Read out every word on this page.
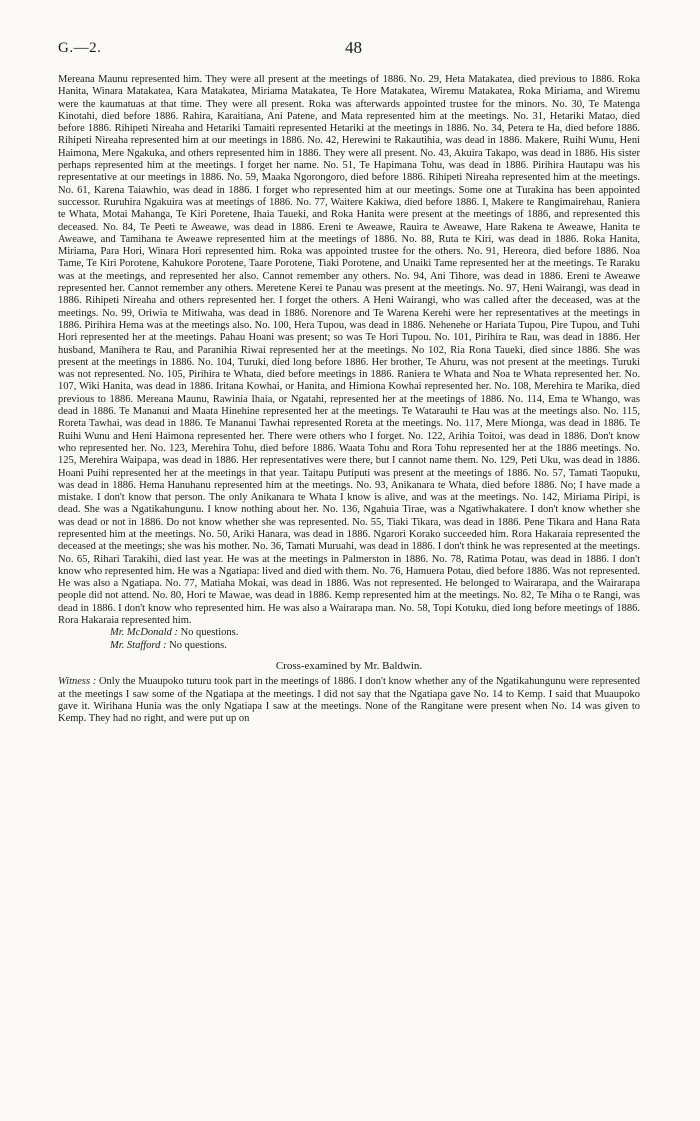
G.—2.	48

Mereana Maunu represented him. They were all present at the meetings of 1886. No. 29, Heta Matakatea, died previous to 1886. Roka Hanita, Winara Matakatea, Kara Matakatea, Miriama Matakatea, Te Hore Matakatea, Wiremu Matakatea, Roka Miriama, and Wiremu were the kaumatuas at that time. They were all present. Roka was afterwards appointed trustee for the minors. No. 30, Te Matenga Kinotahi, died before 1886. Rahira, Karaitiana, Ani Patene, and Mata represented him at the meetings. No. 31, Hetariki Matao, died before 1886. Rihipeti Nireaha and Hetariki Tamaiti represented Hetariki at the meetings in 1886. No. 34, Petera te Ha, died before 1886. Rihipeti Nireaha represented him at our meetings in 1886. No. 42, Herewini te Rakautihia, was dead in 1886. Makere, Ruihi Wunu, Heni Haimona, Mere Ngakuka, and others represented him in 1886. They were all present. No. 43, Akuira Takapo, was dead in 1886. His sister perhaps represented him at the meetings. I forget her name. No. 51, Te Hapimana Tohu, was dead in 1886. Pirihira Hautapu was his representative at our meetings in 1886. No. 59, Maaka Ngorongoro, died before 1886. Rihipeti Nireaha represented him at the meetings. No. 61, Karena Taiawhio, was dead in 1886. I forget who represented him at our meetings. Some one at Turakina has been appointed successor. Ruruhira Ngakuira was at meetings of 1886. No. 77, Waitere Kakiwa, died before 1886. I, Makere te Rangimairehau, Raniera te Whata, Motai Mahanga, Te Kiri Poretene, Ihaia Taueki, and Roka Hanita were present at the meetings of 1886, and represented this deceased. No. 84, Te Peeti te Aweawe, was dead in 1886. Ereni te Aweawe, Rauira te Aweawe, Hare Rakena te Aweawe, Hanita te Aweawe, and Tamihana te Aweawe represented him at the meetings of 1886. No. 88, Ruta te Kiri, was dead in 1886. Roka Hanita, Miriama, Para Hori, Winara Hori represented him. Roka was appointed trustee for the others. No. 91, Hereora, died before 1886. Noa Tame, Te Kiri Porotene, Kahukore Porotene, Taare Porotene, Tiaki Porotene, and Unaiki Tame represented her at the meetings. Te Raraku was at the meetings, and represented her also. Cannot remember any others. No. 94, Ani Tihore, was dead in 1886. Ereni te Aweawe represented her. Cannot remember any others. Meretene Kerei te Panau was present at the meetings. No. 97, Heni Wairangi, was dead in 1886. Rihipeti Nireaha and others represented her. I forget the others. A Heni Wairangi, who was called after the deceased, was at the meetings. No. 99, Oriwia te Mitiwaha, was dead in 1886. Norenore and Te Warena Kerehi were her representatives at the meetings in 1886. Pirihira Hema was at the meetings also. No. 100, Hera Tupou, was dead in 1886. Nehenehe or Hariata Tupou, Pire Tupou, and Tuhi Hori represented her at the meetings. Pahau Hoani was present; so was Te Hori Tupou. No. 101, Pirihira te Rau, was dead in 1886. Her husband, Manihera te Rau, and Paranihia Riwai represented her at the meetings. No 102, Ria Rona Taueki, died since 1886. She was present at the meetings in 1886. No. 104, Turuki, died long before 1886. Her brother, Te Ahuru, was not present at the meetings. Turuki was not represented. No. 105, Pirihira te Whata, died before meetings in 1886. Raniera te Whata and Noa te Whata represented her. No. 107, Wiki Hanita, was dead in 1886. Iritana Kowhai, or Hanita, and Himiona Kowhai represented her. No. 108, Merehira te Marika, died previous to 1886. Mereana Maunu, Rawinia Ihaia, or Ngatahi, represented her at the meetings of 1886. No. 114, Ema te Whango, was dead in 1886. Te Mananui and Maata Hinehine represented her at the meetings. Te Watarauhi te Hau was at the meetings also. No. 115, Roreta Tawhai, was dead in 1886. Te Mananui Tawhai represented Roreta at the meetings. No. 117, Mere Mionga, was dead in 1886. Te Ruihi Wunu and Heni Haimona represented her. There were others who I forget. No. 122, Arihia Toitoi, was dead in 1886. Don't know who represented her. No. 123, Merehira Tohu, died before 1886. Waata Tohu and Rora Tohu represented her at the 1886 meetings. No. 125, Merehira Waipapa, was dead in 1886. Her representatives were there, but I cannot name them. No. 129, Peti Uku, was dead in 1886. Hoani Puihi represented her at the meetings in that year. Taitapu Putiputi was present at the meetings of 1886. No. 57, Tamati Taopuku, was dead in 1886. Hema Hanuhanu represented him at the meetings. No. 93, Anikanara te Whata, died before 1886. No; I have made a mistake. I don't know that person. The only Anikanara te Whata I know is alive, and was at the meetings. No. 142, Miriama Piripi, is dead. She was a Ngatikahungunu. I know nothing about her. No. 136, Ngahuia Tirae, was a Ngatiwhakatere. I don't know whether she was dead or not in 1886. Do not know whether she was represented. No. 55, Tiaki Tikara, was dead in 1886. Pene Tikara and Hana Rata represented him at the meetings. No. 50, Ariki Hanara, was dead in 1886. Ngarori Korako succeeded him. Rora Hakaraia represented the deceased at the meetings; she was his mother. No. 36, Tamati Muruahi, was dead in 1886. I don't think he was represented at the meetings. No. 65, Rihari Tarakihi, died last year. He was at the meetings in Palmerston in 1886. No. 78, Ratima Potau, was dead in 1886. I don't know who represented him. He was a Ngatiapa: lived and died with them. No. 76, Hamuera Potau, died before 1886. Was not represented. He was also a Ngatiapa. No. 77, Matiaha Mokai, was dead in 1886. Was not represented. He belonged to Wairarapa, and the Wairarapa people did not attend. No. 80, Hori te Mawae, was dead in 1886. Kemp represented him at the meetings. No. 82, Te Miha o te Rangi, was dead in 1886. I don't know who represented him. He was also a Wairarapa man. No. 58, Topi Kotuku, died long before meetings of 1886. Rora Hakaraia represented him.

Mr. McDonald : No questions.

Mr. Stafford : No questions.

Cross-examined by Mr. Baldwin.

Witness : Only the Muaupoko tuturu took part in the meetings of 1886. I don't know whether any of the Ngatikahungunu were represented at the meetings I saw some of the Ngatiapa at the meetings. I did not say that the Ngatiapa gave No. 14 to Kemp. I said that Muaupoko gave it. Wirihana Hunia was the only Ngatiapa I saw at the meetings. None of the Rangitane were present when No. 14 was given to Kemp. They had no right, and were put up on
